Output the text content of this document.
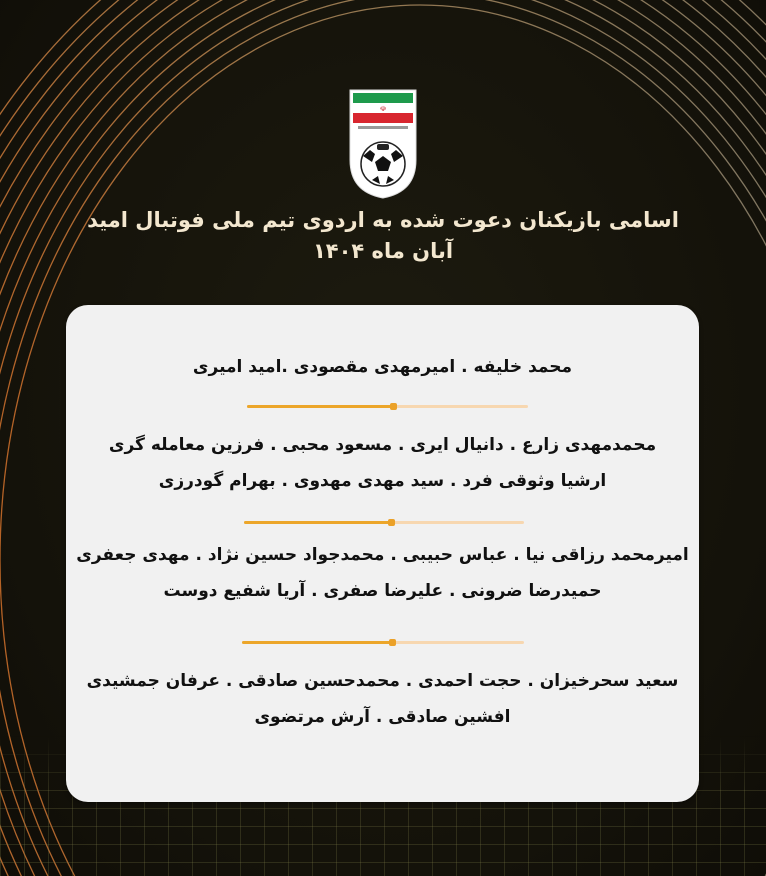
☫
اسامی بازیکنان دعوت شده به اردوی تیم ملی فوتبال امید
آبان ماه ۱۴۰۴

محمد خلیفه . امیرمهدی مقصودی .امید امیری

محمدمهدی زارع . دانیال ایری . مسعود محبی . فرزین معامله گری

ارشیا وثوقی فرد . سید مهدی مهدوی . بهرام گودرزی

امیرمحمد رزاقی نیا . عباس حبیبی . محمدجواد حسین نژاد . مهدی جعفری

حمیدرضا ضرونی . علیرضا صفری . آریا شفیع دوست

سعید سحرخیزان . حجت احمدی . محمدحسین صادقی . عرفان جمشیدی

افشین صادقی . آرش مرتضوی
